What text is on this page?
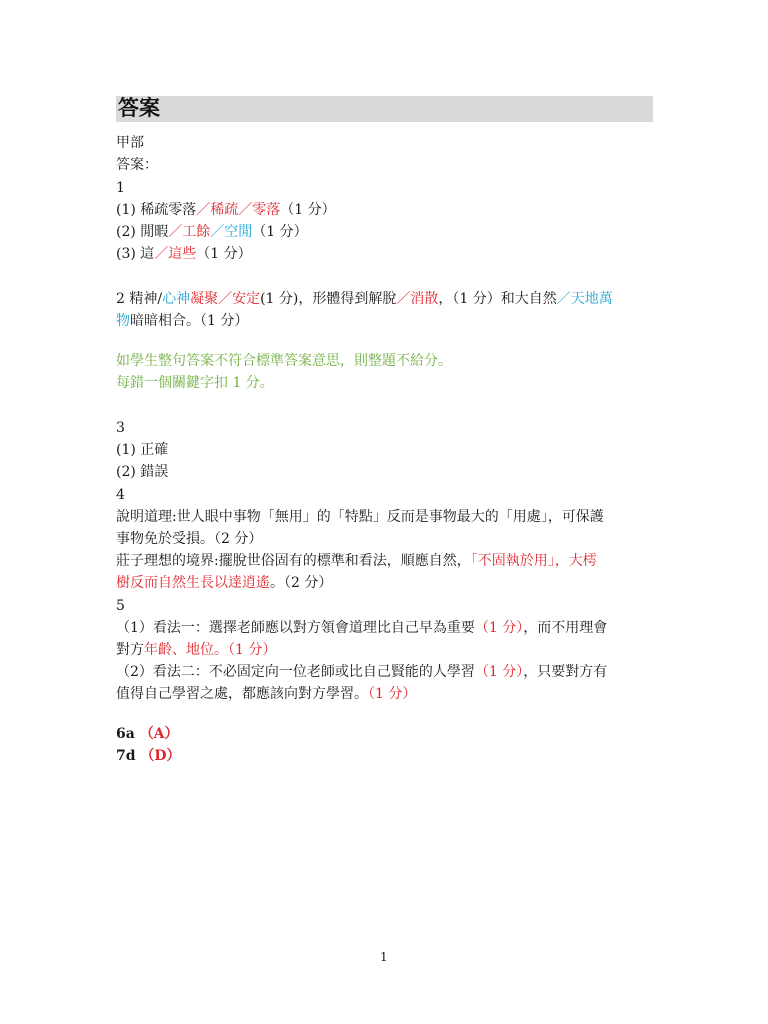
答案
甲部
答案：
1
(1) 稀疏零落／稀疏／零落（1 分）
(2) 閒暇／工餘／空閒（1 分）
(3) 這／這些（1 分）
2 精神/心神凝聚／安定(1 分)，形體得到解脫／消散，（1 分）和大自然／天地萬
物暗暗相合。（1 分）
如學生整句答案不符合標準答案意思，則整題不給分。
每錯一個關鍵字扣 1 分。
3
(1) 正確
(2) 錯誤
4
說明道理:世人眼中事物「無用」的「特點」反而是事物最大的「用處」，可保護
事物免於受損。（2 分）
莊子理想的境界:擺脫世俗固有的標準和看法，順應自然，「不固執於用」，大樗
樹反而自然生長以達逍遙。（2 分）
5
（1）看法一：選擇老師應以對方領會道理比自己早為重要（1 分），而不用理會
對方年齡、地位。（1 分）
（2）看法二：不必固定向一位老師或比自己賢能的人學習（1 分），只要對方有
值得自己學習之處，都應該向對方學習。（1 分）
6a （A）
7d （D）
1
